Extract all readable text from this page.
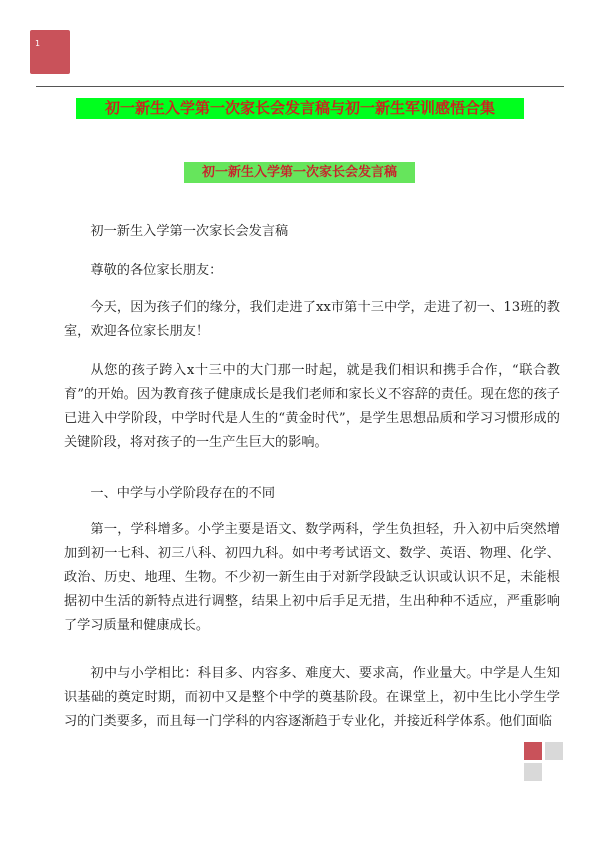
1
初一新生入学第一次家长会发言稿与初一新生军训感悟合集
初一新生入学第一次家长会发言稿

初一新生入学第一次家长会发言稿

尊敬的各位家长朋友：

今天，因为孩子们的缘分，我们走进了xx市第十三中学，走进了初一、13班的教室，欢迎各位家长朋友！

从您的孩子跨入x十三中的大门那一时起，就是我们相识和携手合作，“联合教育”的开始。因为教育孩子健康成长是我们老师和家长义不容辞的责任。现在您的孩子已进入中学阶段，中学时代是人生的“黄金时代”，是学生思想品质和学习习惯形成的关键阶段，将对孩子的一生产生巨大的影响。

一、中学与小学阶段存在的不同

第一，学科增多。小学主要是语文、数学两科，学生负担轻，升入初中后突然增加到初一七科、初三八科、初四九科。如中考考试语文、数学、英语、物理、化学、政治、历史、地理、生物。不少初一新生由于对新学段缺乏认识或认识不足，未能根据初中生活的新特点进行调整，结果上初中后手足无措，生出种种不适应，严重影响了学习质量和健康成长。

初中与小学相比：科目多、内容多、难度大、要求高，作业量大。中学是人生知识基础的奠定时期，而初中又是整个中学的奠基阶段。在课堂上，初中生比小学生学习的门类要多，而且每一门学科的内容逐渐趋于专业化，并接近科学体系。他们面临
